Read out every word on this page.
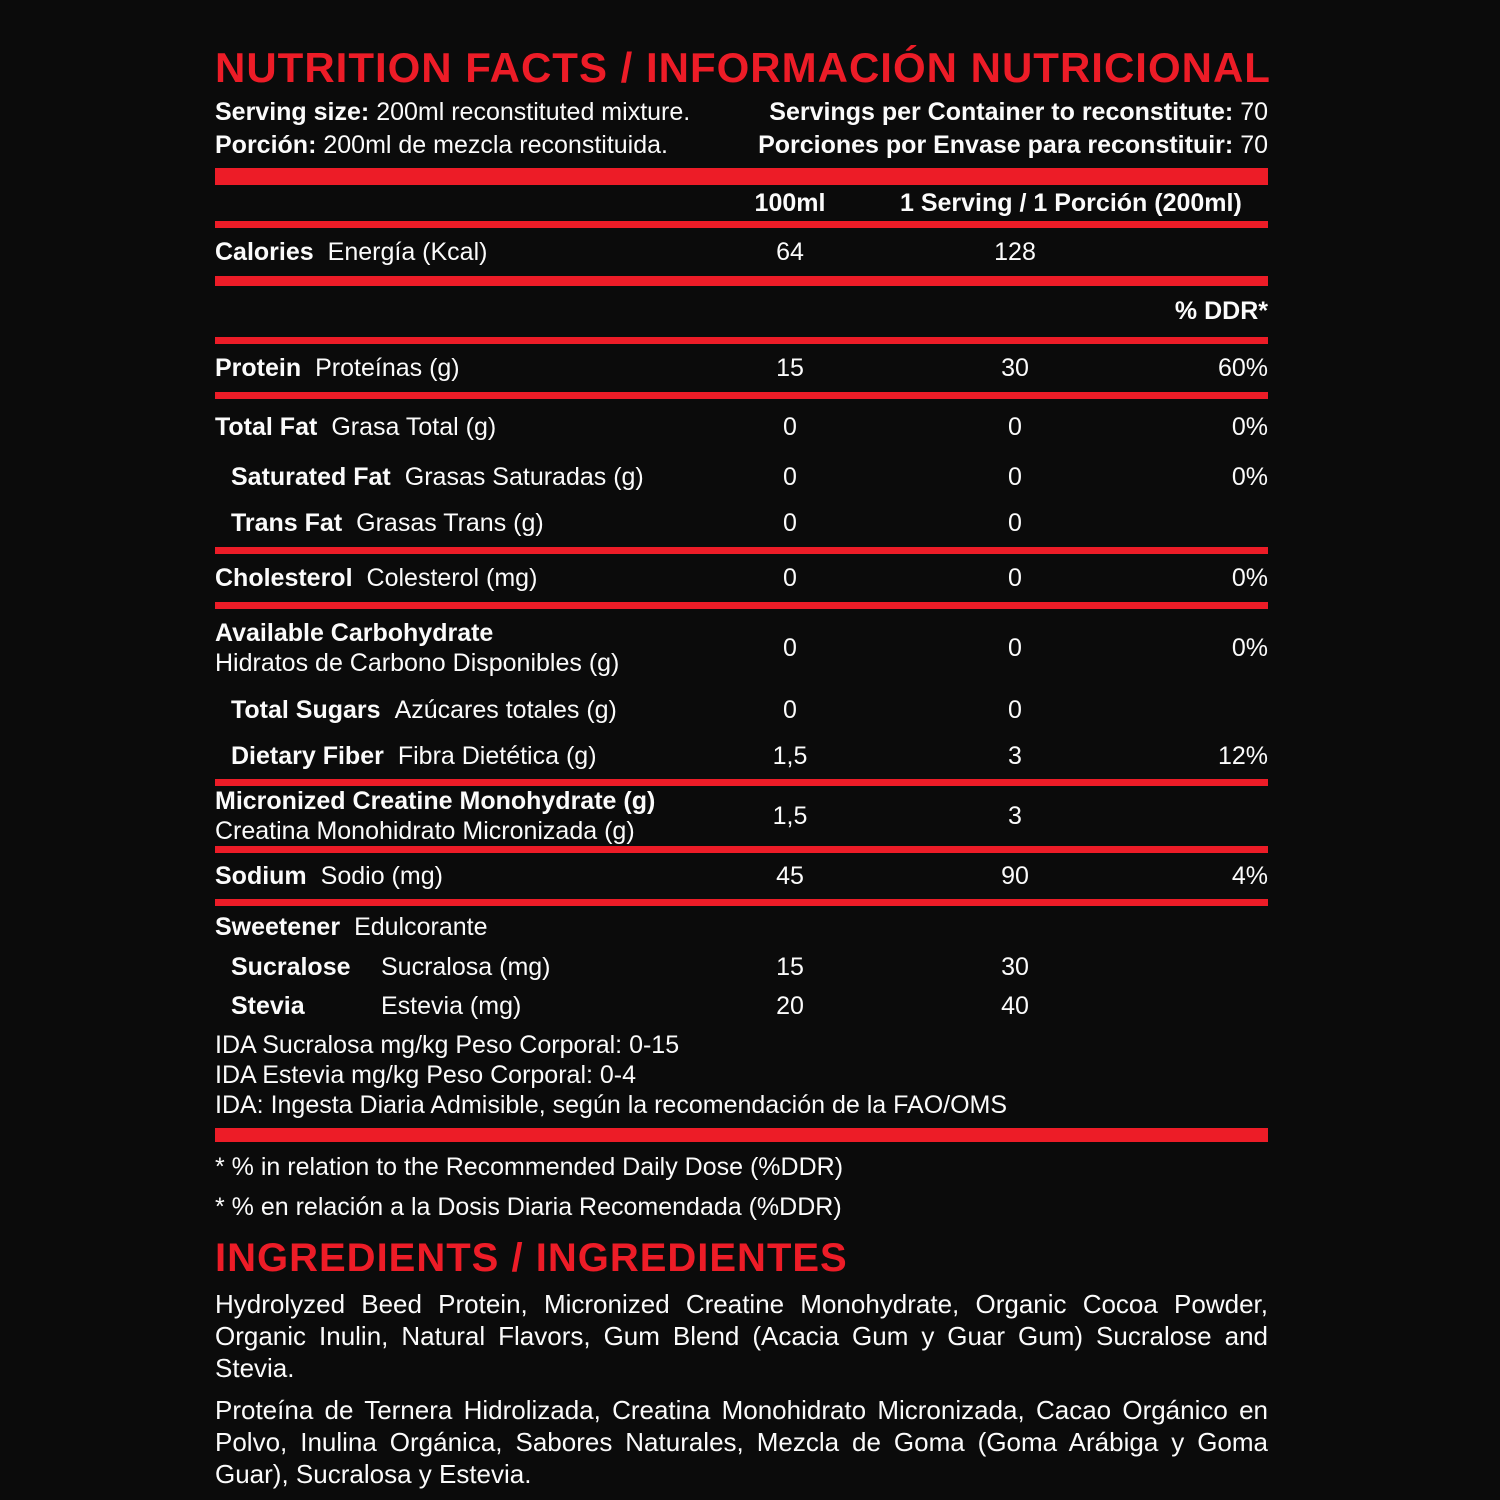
NUTRITION FACTS / INFORMACIÓN NUTRICIONAL
Serving size: 200ml reconstituted mixture.	Servings per Container to reconstitute: 70
Porción: 200ml de mezcla reconstituida.	Porciones por Envase para reconstituir: 70
100ml	1 Serving / 1 Porción (200ml)
Calories Energía (Kcal)	64	128
% DDR*
Protein Proteínas (g)	15	30	60%
Total Fat Grasa Total (g)	0	0	0%
Saturated Fat Grasas Saturadas (g)	0	0	0%
Trans Fat Grasas Trans (g)	0	0
Cholesterol Colesterol (mg)	0	0	0%
Available Carbohydrate
Hidratos de Carbono Disponibles (g)
0	0	0%
Total Sugars Azúcares totales (g)	0	0
Dietary Fiber Fibra Dietética (g)	1,5	3	12%
Micronized Creatine Monohydrate (g)
Creatina Monohidrato Micronizada (g)
1,5	3
Sodium Sodio (mg)	45	90	4%
Sweetener Edulcorante
Sucralose Sucralosa (mg)	15	30
Stevia	Estevia (mg)	20	40
IDA Sucralosa mg/kg Peso Corporal: 0-15
IDA Estevia mg/kg Peso Corporal: 0-4
IDA: Ingesta Diaria Admisible, según la recomendación de la FAO/OMS
* % in relation to the Recommended Daily Dose (%DDR)
* % en relación a la Dosis Diaria Recomendada (%DDR)
INGREDIENTS / INGREDIENTES
Hydrolyzed Beed Protein, Micronized Creatine Monohydrate, Organic Cocoa Powder, Organic Inulin, Natural Flavors, Gum Blend (Acacia Gum y Guar Gum) Sucralose and Stevia.
Proteína de Ternera Hidrolizada, Creatina Monohidrato Micronizada, Cacao Orgánico en Polvo, Inulina Orgánica, Sabores Naturales, Mezcla de Goma (Goma Arábiga y Goma Guar), Sucralosa y Estevia.
